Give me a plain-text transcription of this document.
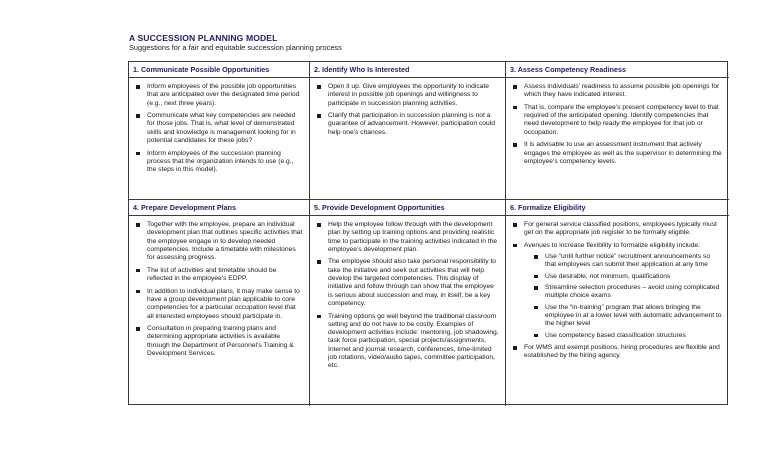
A SUCCESSION PLANNING MODEL
Suggestions for a fair and equitable succession planning process
1. Communicate Possible Opportunities
Inform employees of the possible job opportunities that are anticipated over the designated time period (e.g., next three years).
Communicate what key competencies are needed for those jobs. That is, what level of demonstrated skills and knowledge is management looking for in potential candidates for these jobs?
Inform employees of the succession planning process that the organization intends to use (e.g., the steps in this model).
2. Identify Who Is Interested
Open it up. Give employees the opportunity to indicate interest in possible job openings and willingness to participate in succession planning activities.
Clarify that participation in succession planning is not a guarantee of advancement. However, participation could help one’s chances.
3. Assess Competency Readiness
Assess individuals’ readiness to assume possible job openings for which they have indicated interest.
That is, compare the employee’s present competency level to that required of the anticipated opening. Identify competencies that need development to help ready the employee for that job or occupation.
It is advisable to use an assessment instrument that actively engages the employee as well as the supervisor in determining the employee’s competency levels.
4. Prepare Development Plans
Together with the employee, prepare an individual development plan that outlines specific activities that the employee engage in to develop needed competencies. Include a timetable with milestones for assessing progress.
The list of activities and timetable should be reflected in the employee’s EDPP.
In addition to individual plans, it may make sense to have a group development plan applicable to core competencies for a particular occupation level that all interested employees should participate in.
Consultation in preparing training plans and determining appropriate activities is available through the Department of Personnel’s Training & Development Services.
5. Provide Development Opportunities
Help the employee follow through with the development plan by setting up training options and providing realistic time to participate in the training activities indicated in the employee’s development plan.
The employee should also take personal responsibility to take the initiative and seek out activities that will help develop the targeted competencies. This display of initiative and follow through can show that the employee is serious about succession and may, in itself, be a key competency.
Training options go well beyond the traditional classroom setting and do not have to be costly. Examples of development activities include: mentoring, job shadowing, task force participation, special projects/assignments, Internet and journal research, conferences, time-limited job rotations, video/audio tapes, committee participation, etc.
6. Formalize Eligibility
For general service classified positions, employees typically must get on the appropriate job register to be formally eligible.
Avenues to increase flexibility to formalize eligibility include:
Use “until further notice” recruitment announcements so that employees can submit their application at any time
Use desirable, not minimum, qualifications
Streamline selection procedures – avoid using complicated multiple choice exams
Use the “in-training” program that allows bringing the employee in at a lower level with automatic advancement to the higher level
Use competency based classification structures
For WMS and exempt positions, hiring procedures are flexible and established by the hiring agency.
